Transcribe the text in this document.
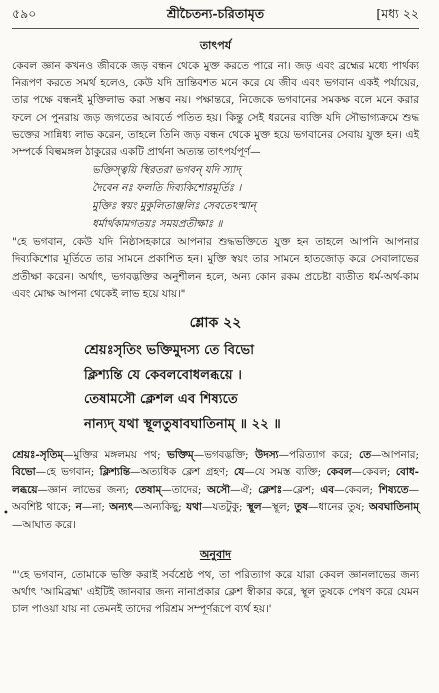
৫৯০	শ্রীচৈতন্য-চরিতামৃত	[মধ্য ২২
তাৎপর্য

কেবল জ্ঞান কখনও জীবকে জড় বন্ধন থেকে মুক্ত করতে পারে না। জড় এবং ব্রহ্মের মধ্যে পার্থক্য নিরূপণ করতে সমর্থ হলেও, কেউ যদি ভ্রান্তিবশত মনে করে যে জীব এবং ভগবান একই পর্যায়ের, তার পক্ষে বন্ধনই মুক্তিলাভ করা সম্ভব নয়। পক্ষান্তরে, নিজেকে ভগবানের সমকক্ষ বলে মনে করার ফলে সে পুনরায় জড় জগতের আবর্তে পতিত হয়। কিন্তু সেই ধরনের ব্যক্তি যদি সৌভাগ্যক্রমে শুদ্ধ ভক্তের সান্নিধ্য লাভ করেন, তাহলে তিনি জড় বন্ধন থেকে মুক্ত হয়ে ভগবানের সেবায় যুক্ত হন। এই সম্পর্কে বিল্বমঙ্গল ঠাকুরের একটি প্রার্থনা অত্যন্ত তাৎপর্যপূর্ণ—

ভক্তিস্ত্বয়ি স্থিরতরা ভগবন্ যদি স্যাদ্
দৈবেন নঃ ফলতি দিব্যকিশোরমূর্তিঃ ।
মুক্তিঃ স্বয়ং মুকুলিতাঞ্জলিঃ সেবতেঽস্মান্
ধর্মার্থকামগতয়ঃ সময়প্রতীক্ষাঃ ॥

"হে ভগবান, কেউ যদি নিষ্ঠাসহকারে আপনার শুদ্ধভক্তিতে যুক্ত হন তাহলে আপনি আপনার দিব্যকিশোর মূর্তিতে তার সামনে প্রকাশিত হন। মুক্তি স্বয়ং তার সামনে হাতজোড় করে সেবালাভের প্রতীক্ষা করেন। অর্থাৎ, ভগবদ্ভক্তির অনুশীলন হলে, অন্য কোন রকম প্রচেষ্টা ব্যতীত ধর্ম-অর্থ-কাম এবং মোক্ষ আপনা থেকেই লাভ হয়ে যায়।"

শ্লোক ২২
শ্রেয়ঃসৃতিং ভক্তিমুদস্য তে বিভো
ক্লিশ্যন্তি যে কেবলবোধলব্ধয়ে ।
তেষামসৌ ক্লেশল এব শিষ্যতে
নান্যদ্ যথা স্থূলতুষাবঘাতিনাম্ ॥ ২২ ॥
শ্রেয়ঃ-সৃতিম্—মুক্তির মঙ্গলময় পথ; ভক্তিম্—ভগবদ্ভক্তি; উদস্য—পরিত্যাগ করে; তে—আপনার; বিভো—হে ভগবান; ক্লিশ্যন্তি—অত্যধিক ক্লেশ গ্রহণ; যে—যে সমস্ত ব্যক্তি; কেবল—কেবল; বোধ-লব্ধয়ে—জ্ঞান লাভের জন্য; তেষাম্—তাদের; অসৌ—ঐ; ক্লেশঃ—ক্লেশ; এব—কেবল; শিষ্যতে—অবশিষ্ট থাকে; ন—না; অন্যৎ—অন্যকিছু; যথা—যতটুকু; স্থূল—স্থূল; তুষ—ধানের তুষ; অবঘাতিনাম্—আঘাত করে।
অনুবাদ

"'হে ভগবান, তোমাকে ভক্তি করাই সর্বশ্রেষ্ঠ পথ, তা পরিত্যাগ করে যারা কেবল জ্ঞানলাভের জন্য অর্থাৎ 'আমিব্রহ্ম' এইটিই জানবার জন্য নানাপ্রকার ক্লেশ স্বীকার করে, স্থূল তুষকে পেষণ করে যেমন চাল পাওয়া যায় না তেমনই তাদের পরিশ্রম সম্পূর্ণরূপে ব্যর্থ হয়।'

•
